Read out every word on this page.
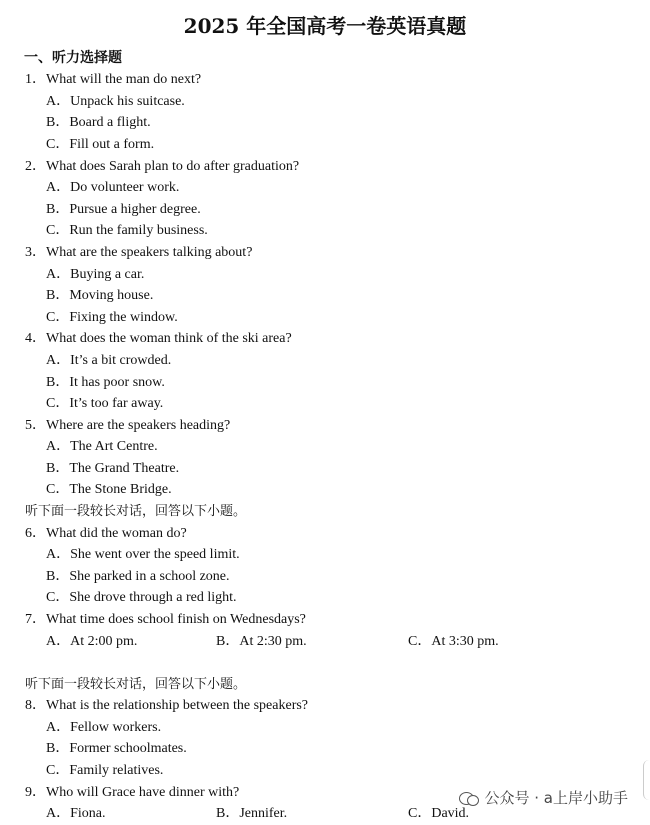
2025 年全国高考一卷英语真题
一、听力选择题
1．What will the man do next?
A．Unpack his suitcase.
B．Board a flight.
C．Fill out a form.
2．What does Sarah plan to do after graduation?
A．Do volunteer work.
B．Pursue a higher degree.
C．Run the family business.
3．What are the speakers talking about?
A．Buying a car.
B．Moving house.
C．Fixing the window.
4．What does the woman think of the ski area?
A．It’s a bit crowded.
B．It has poor snow.
C．It’s too far away.
5．Where are the speakers heading?
A．The Art Centre.
B．The Grand Theatre.
C．The Stone Bridge.
听下面一段较长对话，回答以下小题。
6．What did the woman do?
A．She went over the speed limit.
B．She parked in a school zone.
C．She drove through a red light.
7．What time does school finish on Wednesdays?
A．At 2:00 pm.	B．At 2:30 pm.	C．At 3:30 pm.
听下面一段较长对话，回答以下小题。
8．What is the relationship between the speakers?
A．Fellow workers.
B．Former schoolmates.
C．Family relatives.
9．Who will Grace have dinner with?
A．Fiona.	B．Jennifer.	C．David.
公众号 · a上岸小助手
